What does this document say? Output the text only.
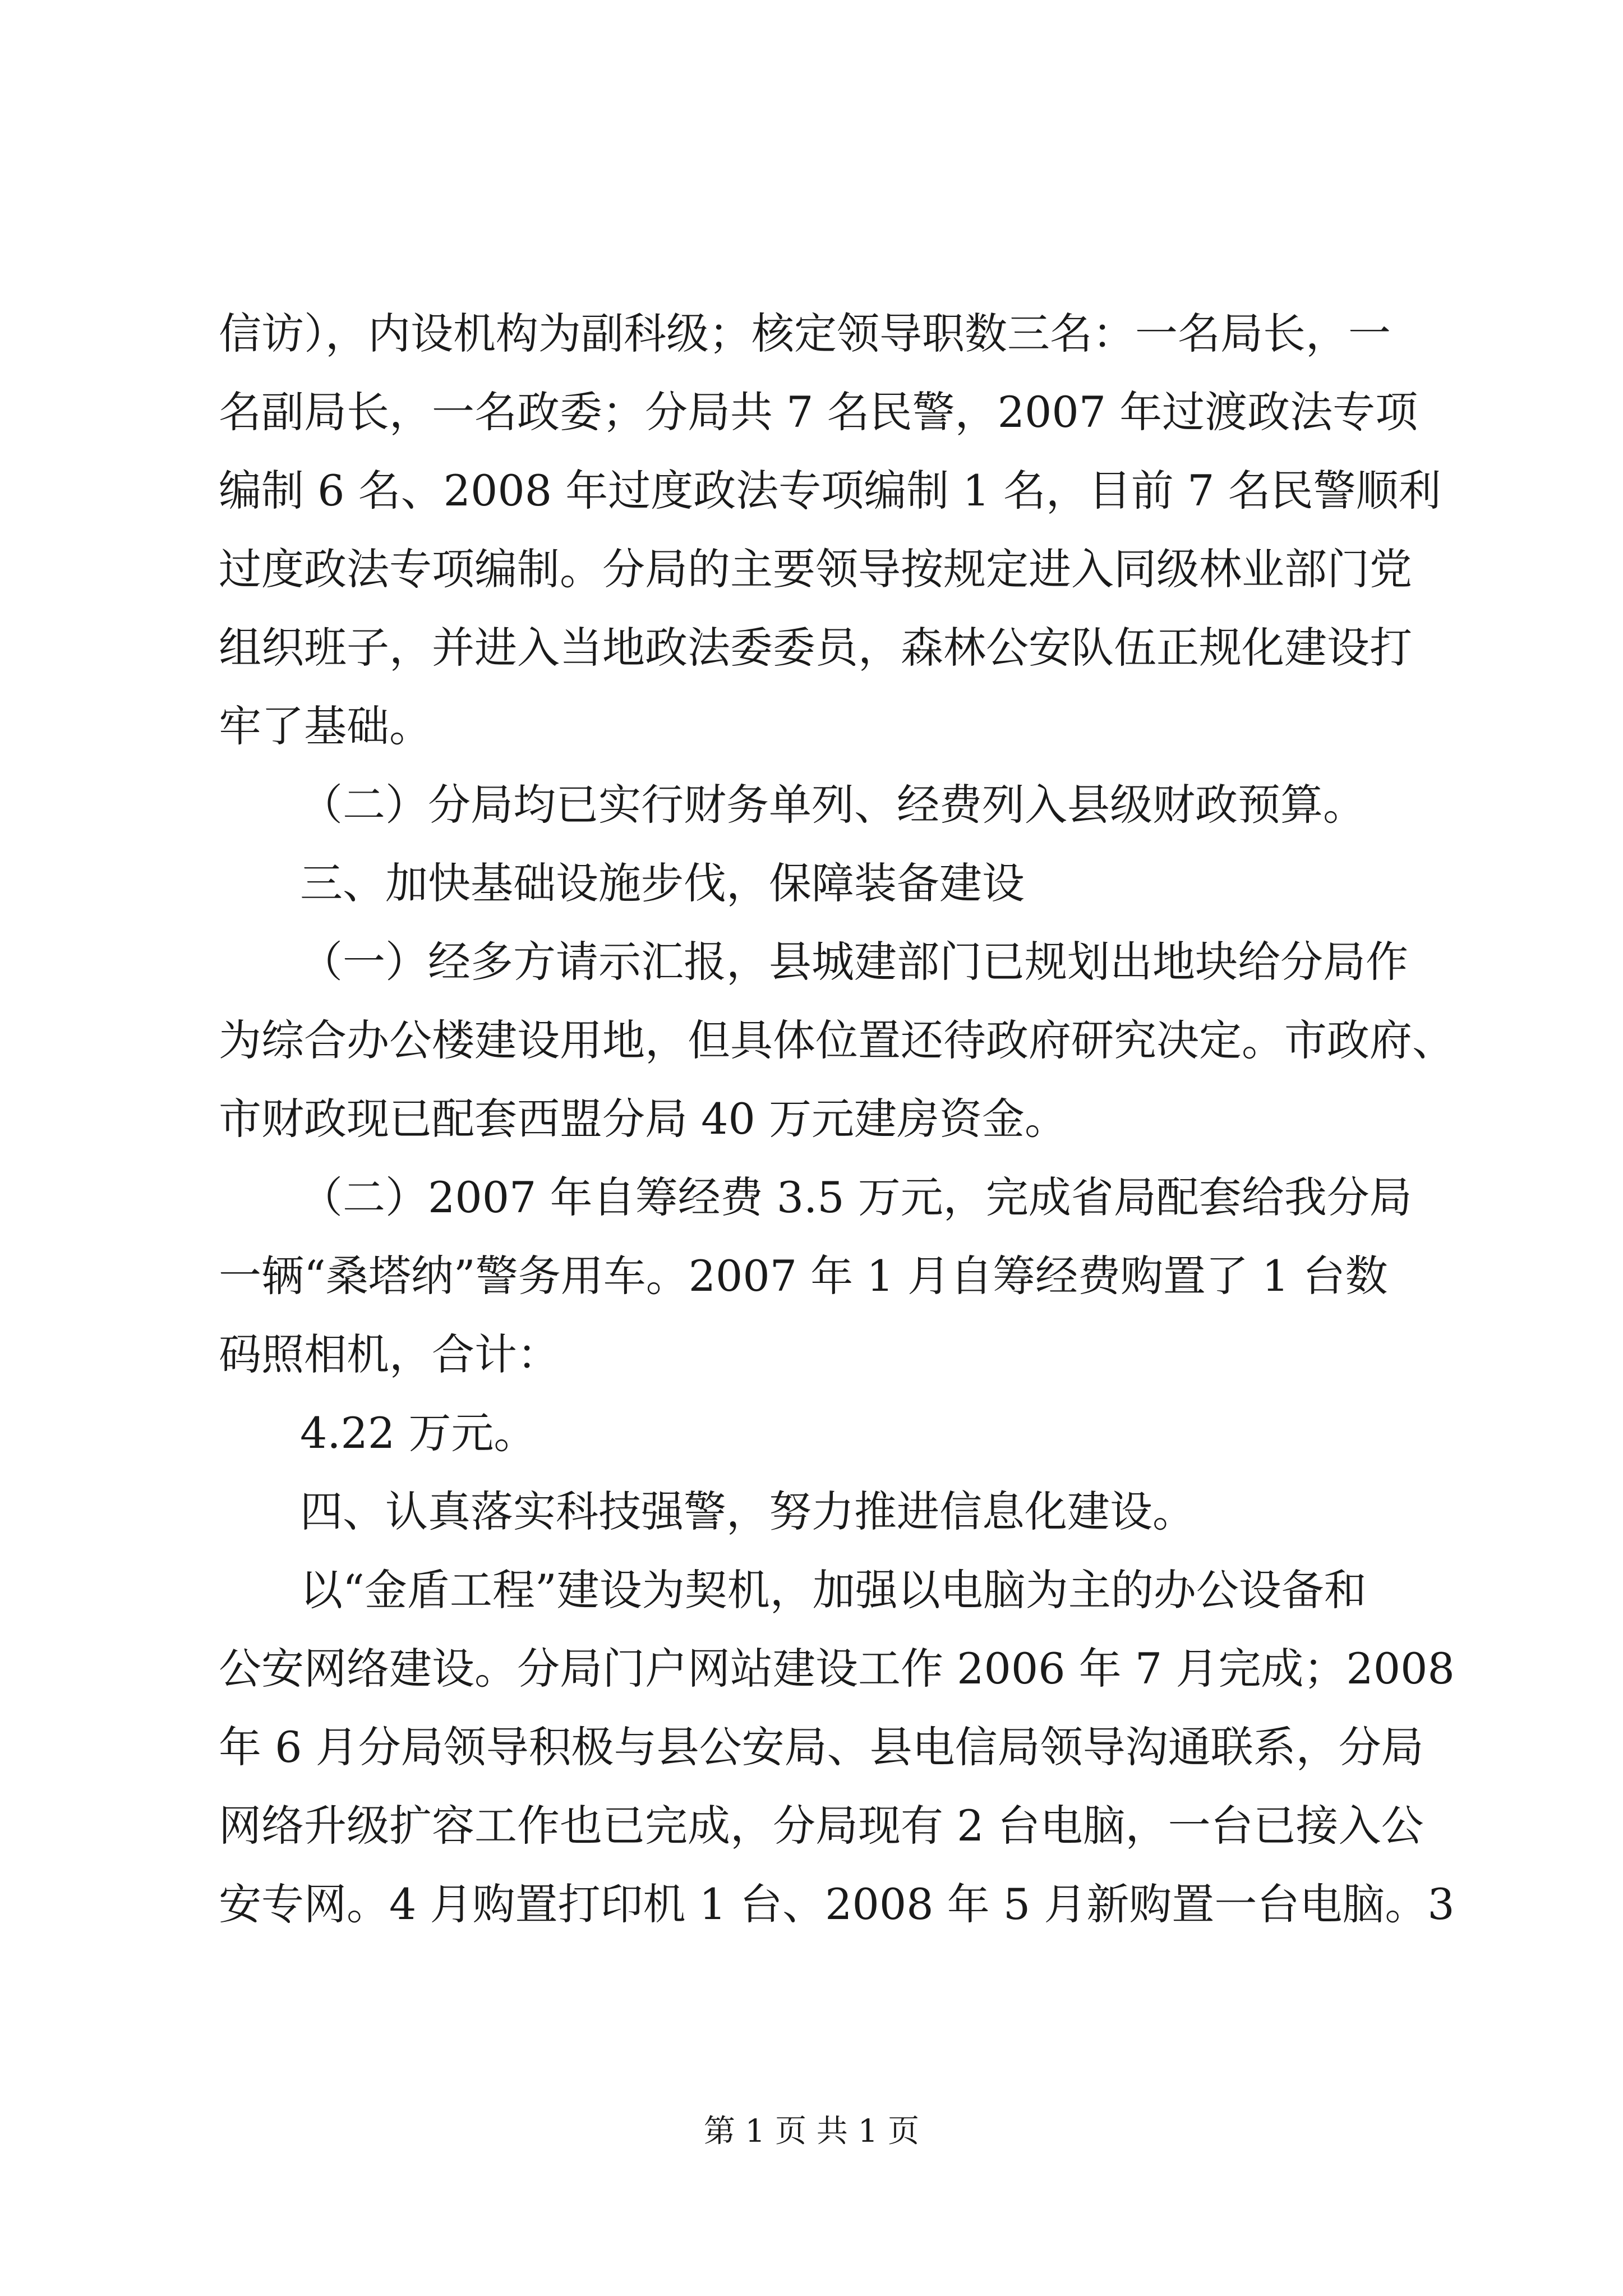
信访），内设机构为副科级；核定领导职数三名：一名局长，一
名副局长，一名政委；分局共 7 名民警，2007 年过渡政法专项
编制 6 名、2008 年过度政法专项编制 1 名，目前 7 名民警顺利
过度政法专项编制。分局的主要领导按规定进入同级林业部门党
组织班子，并进入当地政法委委员，森林公安队伍正规化建设打
牢了基础。
（二）分局均已实行财务单列、经费列入县级财政预算。
三、加快基础设施步伐，保障装备建设
（一）经多方请示汇报，县城建部门已规划出地块给分局作
为综合办公楼建设用地，但具体位置还待政府研究决定。市政府、
市财政现已配套西盟分局 40 万元建房资金。
（二）2007 年自筹经费 3.5 万元，完成省局配套给我分局
一辆“桑塔纳”警务用车。2007 年 1 月自筹经费购置了 1 台数
码照相机，合计：
4.22 万元。
四、认真落实科技强警，努力推进信息化建设。
以“金盾工程”建设为契机，加强以电脑为主的办公设备和
公安网络建设。分局门户网站建设工作 2006 年 7 月完成；2008
年 6 月分局领导积极与县公安局、县电信局领导沟通联系，分局
网络升级扩容工作也已完成，分局现有 2 台电脑，一台已接入公
安专网。4 月购置打印机 1 台、2008 年 5 月新购置一台电脑。3
第 1 页 共 1 页
